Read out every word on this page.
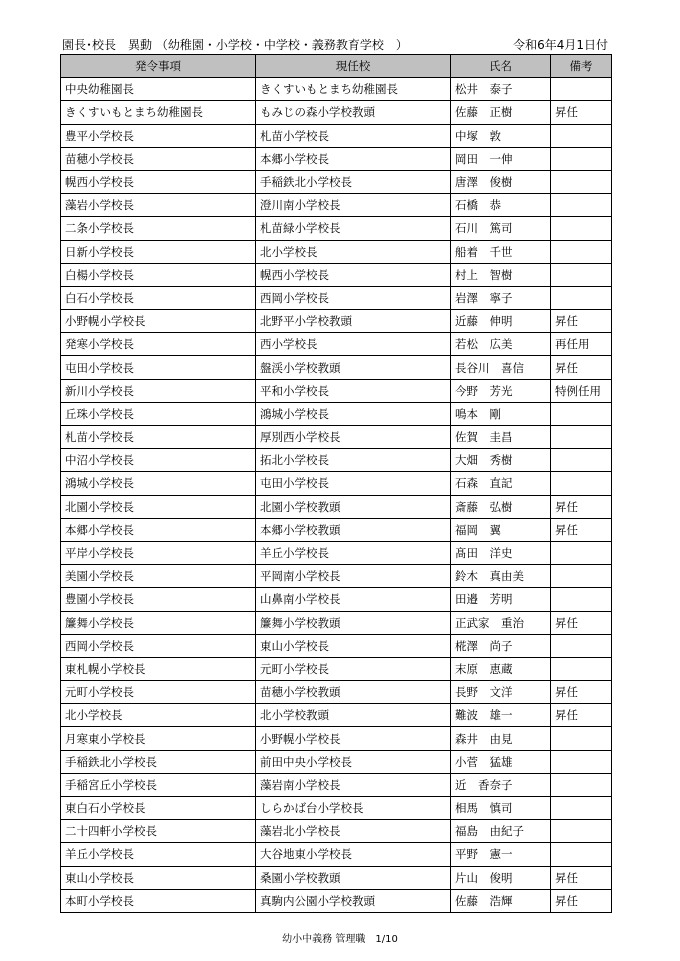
園長･校長　異動 （幼稚園・小学校・中学校・義務教育学校　）	令和6年4月1日付
発令事項	現任校	氏名	備考
中央幼稚園長	きくすいもとまち幼稚園長	松井　泰子	
きくすいもとまち幼稚園長	もみじの森小学校教頭	佐藤　正樹	昇任
豊平小学校長	札苗小学校長	中塚　敦	
苗穂小学校長	本郷小学校長	岡田　一伸	
幌西小学校長	手稲鉄北小学校長	唐澤　俊樹	
藻岩小学校長	澄川南小学校長	石橋　恭	
二条小学校長	札苗緑小学校長	石川　篤司	
日新小学校長	北小学校長	船着　千世	
白楊小学校長	幌西小学校長	村上　智樹	
白石小学校長	西岡小学校長	岩澤　寧子	
小野幌小学校長	北野平小学校教頭	近藤　伸明	昇任
発寒小学校長	西小学校長	若松　広美	再任用
屯田小学校長	盤渓小学校教頭	長谷川　喜信	昇任
新川小学校長	平和小学校長	今野　芳光	特例任用
丘珠小学校長	鴻城小学校長	鳴本　剛	
札苗小学校長	厚別西小学校長	佐賀　圭昌	
中沼小学校長	拓北小学校長	大畑　秀樹	
鴻城小学校長	屯田小学校長	石森　直記	
北園小学校長	北園小学校教頭	斎藤　弘樹	昇任
本郷小学校長	本郷小学校教頭	福岡　翼	昇任
平岸小学校長	羊丘小学校長	髙田　洋史	
美園小学校長	平岡南小学校長	鈴木　真由美	
豊園小学校長	山鼻南小学校長	田邉　芳明	
簾舞小学校長	簾舞小学校教頭	正武家　重治	昇任
西岡小学校長	東山小学校長	椛澤　尚子	
東札幌小学校長	元町小学校長	末原　恵蔵	
元町小学校長	苗穂小学校教頭	長野　文洋	昇任
北小学校長	北小学校教頭	難波　雄一	昇任
月寒東小学校長	小野幌小学校長	森井　由見	
手稲鉄北小学校長	前田中央小学校長	小菅　猛雄	
手稲宮丘小学校長	藻岩南小学校長	近　香奈子	
東白石小学校長	しらかば台小学校長	相馬　慎司	
二十四軒小学校長	藻岩北小学校長	福島　由紀子	
羊丘小学校長	大谷地東小学校長	平野　憲一	
東山小学校長	桑園小学校教頭	片山　俊明	昇任
本町小学校長	真駒内公園小学校教頭	佐藤　浩輝	昇任
幼小中義務 管理職　1/10
